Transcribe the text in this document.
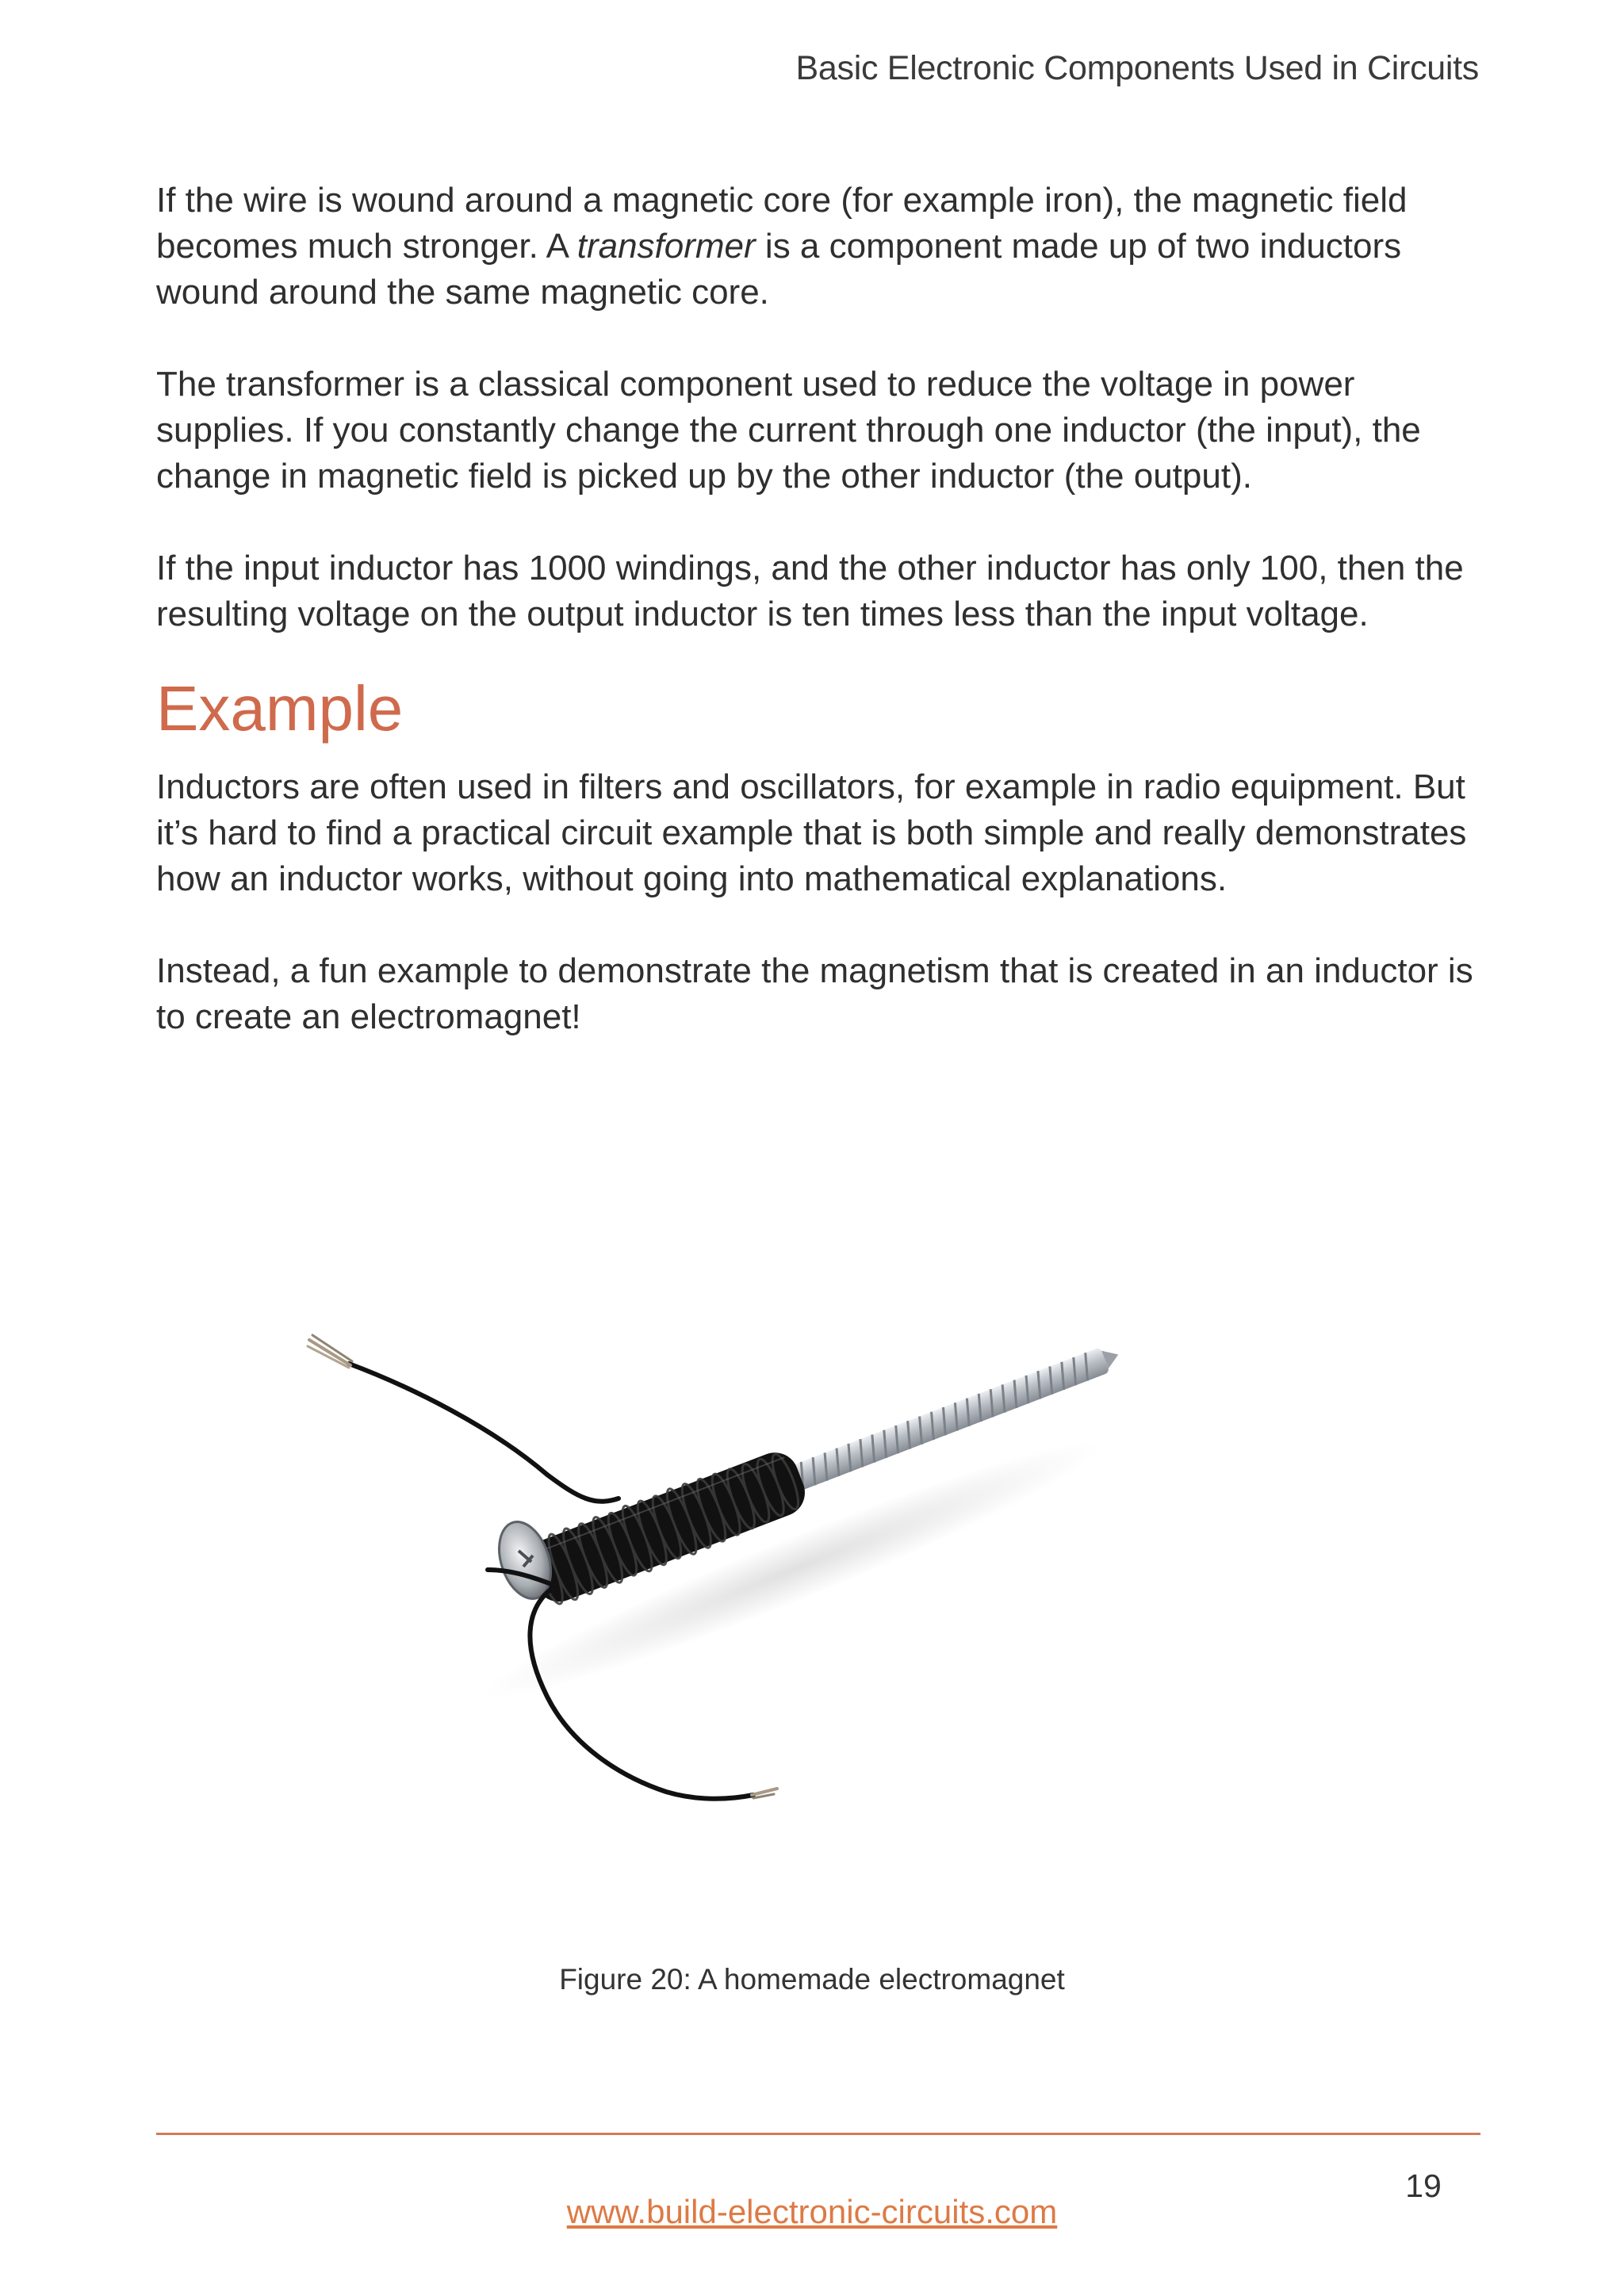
Basic Electronic Components Used in Circuits

If the wire is wound around a magnetic core (for example iron), the magnetic field becomes much stronger. A transformer is a component made up of two inductors wound around the same magnetic core.

The transformer is a classical component used to reduce the voltage in power supplies. If you constantly change the current through one inductor (the input), the change in magnetic field is picked up by the other inductor (the output).

If the input inductor has 1000 windings, and the other inductor has only 100, then the resulting voltage on the output inductor is ten times less than the input voltage.

Example

Inductors are often used in filters and oscillators, for example in radio equipment. But it’s hard to find a practical circuit example that is both simple and really demonstrates how an inductor works, without going into mathematical explanations.

Instead, a fun example to demonstrate the magnetism that is created in an inductor is to create an electromagnet!

Figure 20: A homemade electromagnet
www.build-electronic-circuits.com
19
